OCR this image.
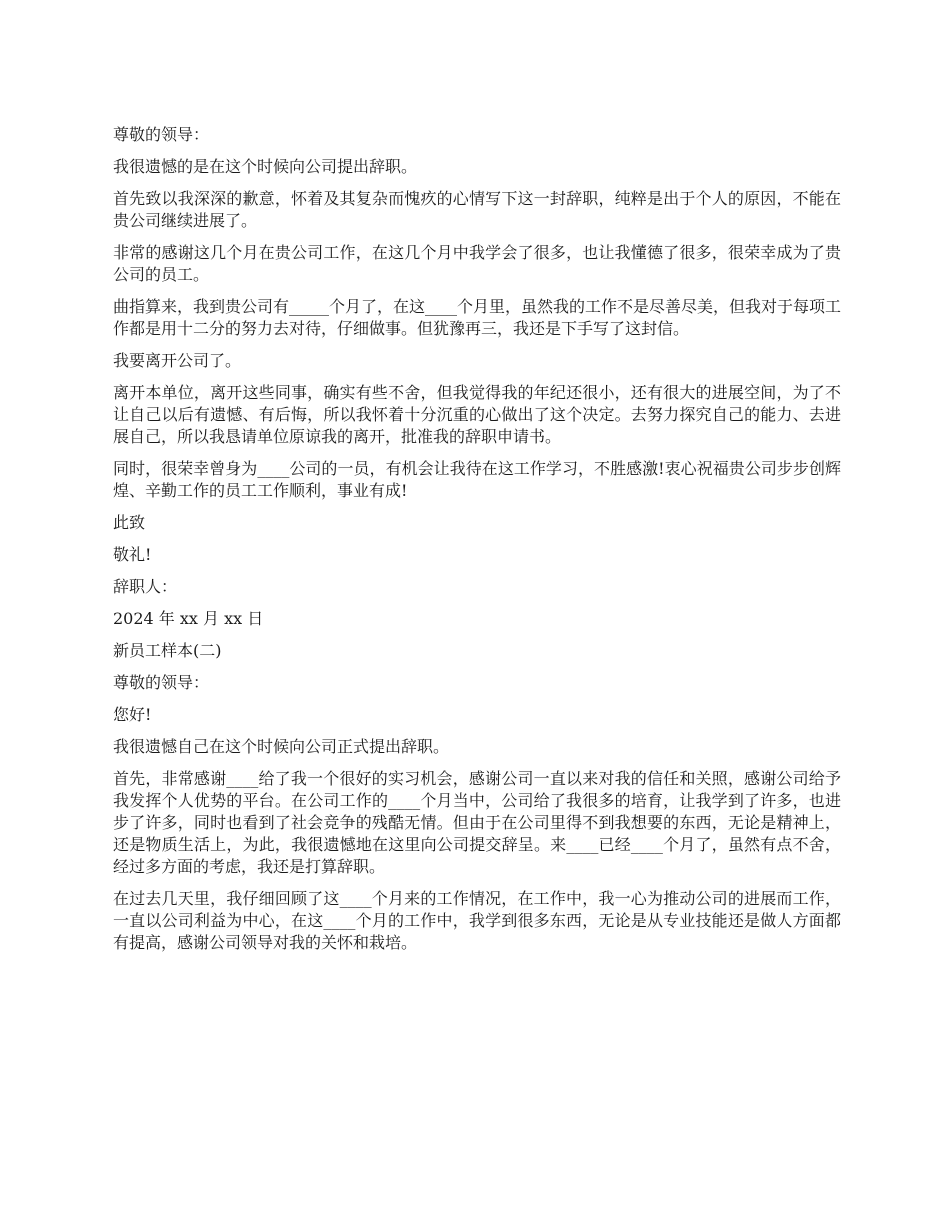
尊敬的领导：

我很遗憾的是在这个时候向公司提出辞职。

首先致以我深深的歉意，怀着及其复杂而愧疚的心情写下这一封辞职，纯粹是出于个人的原因，不能在贵公司继续进展了。

非常的感谢这几个月在贵公司工作，在这几个月中我学会了很多，也让我懂德了很多，很荣幸成为了贵公司的员工。

曲指算来，我到贵公司有_____个月了，在这____个月里，虽然我的工作不是尽善尽美，但我对于每项工作都是用十二分的努力去对待，仔细做事。但犹豫再三，我还是下手写了这封信。

我要离开公司了。

离开本单位，离开这些同事，确实有些不舍，但我觉得我的年纪还很小，还有很大的进展空间，为了不让自己以后有遗憾、有后悔，所以我怀着十分沉重的心做出了这个决定。去努力探究自己的能力、去进展自己，所以我恳请单位原谅我的离开，批准我的辞职申请书。

同时，很荣幸曾身为____公司的一员，有机会让我待在这工作学习，不胜感激!衷心祝福贵公司步步创辉煌、辛勤工作的员工工作顺利，事业有成!

此致

敬礼!

辞职人：

2024 年 xx 月 xx 日

新员工样本(二)

尊敬的领导：

您好!

我很遗憾自己在这个时候向公司正式提出辞职。

首先，非常感谢____给了我一个很好的实习机会，感谢公司一直以来对我的信任和关照，感谢公司给予我发挥个人优势的平台。在公司工作的____个月当中，公司给了我很多的培育，让我学到了许多，也进步了许多，同时也看到了社会竞争的残酷无情。但由于在公司里得不到我想要的东西，无论是精神上，还是物质生活上，为此，我很遗憾地在这里向公司提交辞呈。来____已经____个月了，虽然有点不舍，经过多方面的考虑，我还是打算辞职。

在过去几天里，我仔细回顾了这____个月来的工作情况，在工作中，我一心为推动公司的进展而工作，一直以公司利益为中心，在这____个月的工作中，我学到很多东西，无论是从专业技能还是做人方面都有提高，感谢公司领导对我的关怀和栽培。
